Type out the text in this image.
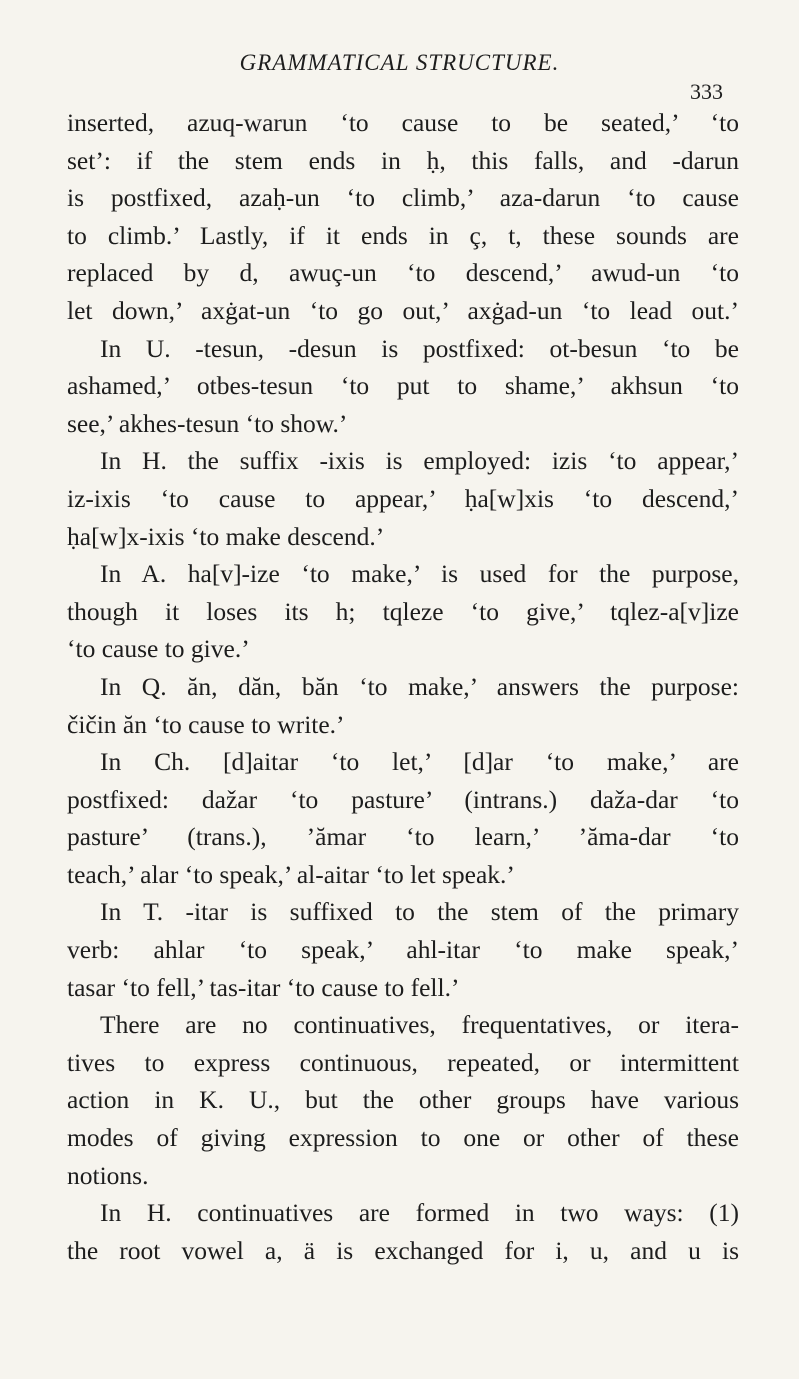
GRAMMATICAL STRUCTURE.
333
inserted, azuq-warun ‘to cause to be seated,’ ‘to
set’: if the stem ends in ḥ, this falls, and -darun
is postfixed, azaḥ-un ‘to climb,’ aza-darun ‘to cause
to climb.’ Lastly, if it ends in ç, t, these sounds are
replaced by d, awuç-un ‘to descend,’ awud-un ‘to
let down,’ axġat-un ‘to go out,’ axġad-un ‘to lead out.’
In U. -tesun, -desun is postfixed: ot-besun ‘to be
ashamed,’ otbes-tesun ‘to put to shame,’ akhsun ‘to
see,’ akhes-tesun ‘to show.’
In H. the suffix -ixis is employed: izis ‘to appear,’
iz-ixis ‘to cause to appear,’ ḥa[w]xis ‘to descend,’
ḥa[w]x-ixis ‘to make descend.’
In A. ha[v]-ize ‘to make,’ is used for the purpose,
though it loses its h; tqleze ‘to give,’ tqlez-a[v]ize
‘to cause to give.’
In Q. ăn, dăn, băn ‘to make,’ answers the purpose:
čičin ăn ‘to cause to write.’
In Ch. [d]aitar ‘to let,’ [d]ar ‘to make,’ are
postfixed: dažar ‘to pasture’ (intrans.) daža-dar ‘to
pasture’ (trans.), ’ămar ‘to learn,’ ’ăma-dar ‘to
teach,’ alar ‘to speak,’ al-aitar ‘to let speak.’
In T. -itar is suffixed to the stem of the primary
verb: ahlar ‘to speak,’ ahl-itar ‘to make speak,’
tasar ‘to fell,’ tas-itar ‘to cause to fell.’
There are no continuatives, frequentatives, or itera-
tives to express continuous, repeated, or intermittent
action in K. U., but the other groups have various
modes of giving expression to one or other of these
notions.
In H. continuatives are formed in two ways: (1)
the root vowel a, ä is exchanged for i, u, and u is
